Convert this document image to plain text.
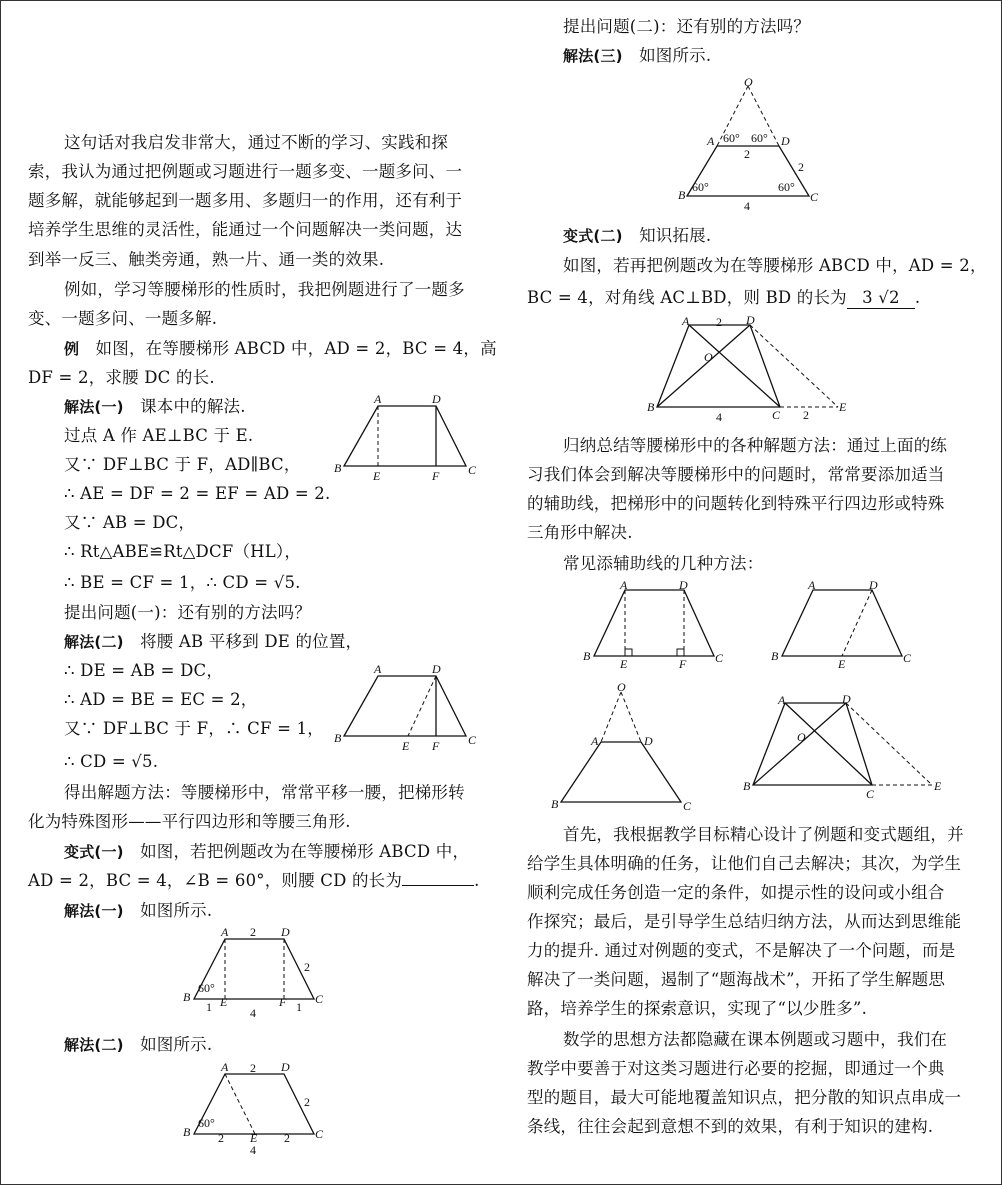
这句话对我启发非常大，通过不断的学习、实践和探
索，我认为通过把例题或习题进行一题多变、一题多问、一
题多解，就能够起到一题多用、多题归一的作用，还有利于
培养学生思维的灵活性，能通过一个问题解决一类问题，达
到举一反三、触类旁通，熟一片、通一类的效果.
例如，学习等腰梯形的性质时，我把例题进行了一题多
变、一题多问、一题多解.
例 如图，在等腰梯形 ABCD 中，AD = 2，BC = 4，高
DF = 2，求腰 DC 的长.
解法(一) 课本中的解法.
过点 A 作 AE⊥BC 于 E.
又∵ DF⊥BC 于 F，AD∥BC，
∴ AE = DF = 2 = EF = AD = 2.
又∵ AB = DC，
∴ Rt△ABE≌Rt△DCF（HL），
∴ BE = CF = 1，∴ CD = √5.
提出问题(一)：还有别的方法吗？
解法(二) 将腰 AB 平移到 DE 的位置，
∴ DE = AB = DC，
∴ AD = BE = EC = 2，
又∵ DF⊥BC 于 F，∴ CF = 1，
∴ CD = √5.
得出解题方法：等腰梯形中，常常平移一腰，把梯形转
化为特殊图形——平行四边形和等腰三角形.
变式(一) 如图，若把例题改为在等腰梯形 ABCD 中，
AD = 2，BC = 4，∠B = 60°，则腰 CD 的长为	.
解法(一) 如图所示.
解法(二) 如图所示.
A	D
B	C
E	F
A	D
B	C
E F
A	D
2
2
B	C
60°
E	F
1	4	1
A	D
2
2
B	C
60°
E
2	2
4
提出问题(二)：还有别的方法吗？
解法(三) 如图所示.
变式(二) 知识拓展.
如图，若再把例题改为在等腰梯形 ABCD 中，AD = 2，
BC = 4，对角线 AC⊥BD，则 BD 的长为 3 √2 .
归纳总结等腰梯形中的各种解题方法：通过上面的练
习我们体会到解决等腰梯形中的问题时，常常要添加适当
的辅助线，把梯形中的问题转化到特殊平行四边形或特殊
三角形中解决.
常见添辅助线的几种方法：
首先，我根据教学目标精心设计了例题和变式题组，并
给学生具体明确的任务，让他们自己去解决；其次，为学生
顺利完成任务创造一定的条件，如提示性的设问或小组合
作探究；最后，是引导学生总结归纳方法，从而达到思维能
力的提升. 通过对例题的变式，不是解决了一个问题，而是
解决了一类问题，遏制了“题海战术”，开拓了学生解题思
路，培养学生的探索意识，实现了“以少胜多”.
数学的思想方法都隐藏在课本例题或习题中，我们在
教学中要善于对这类习题进行必要的挖掘，即通过一个典
型的题目，最大可能地覆盖知识点，把分散的知识点串成一
条线，往往会起到意想不到的效果，有利于知识的建构.
O
A	D
60° 60°
2
2
B	C
60°	60°
4
A	D
2
O
B
C
4	2
E
A	D
B	C
E	F
A	D
B	C
E
O
A	D
B	C
A	D
O
B
C
E
